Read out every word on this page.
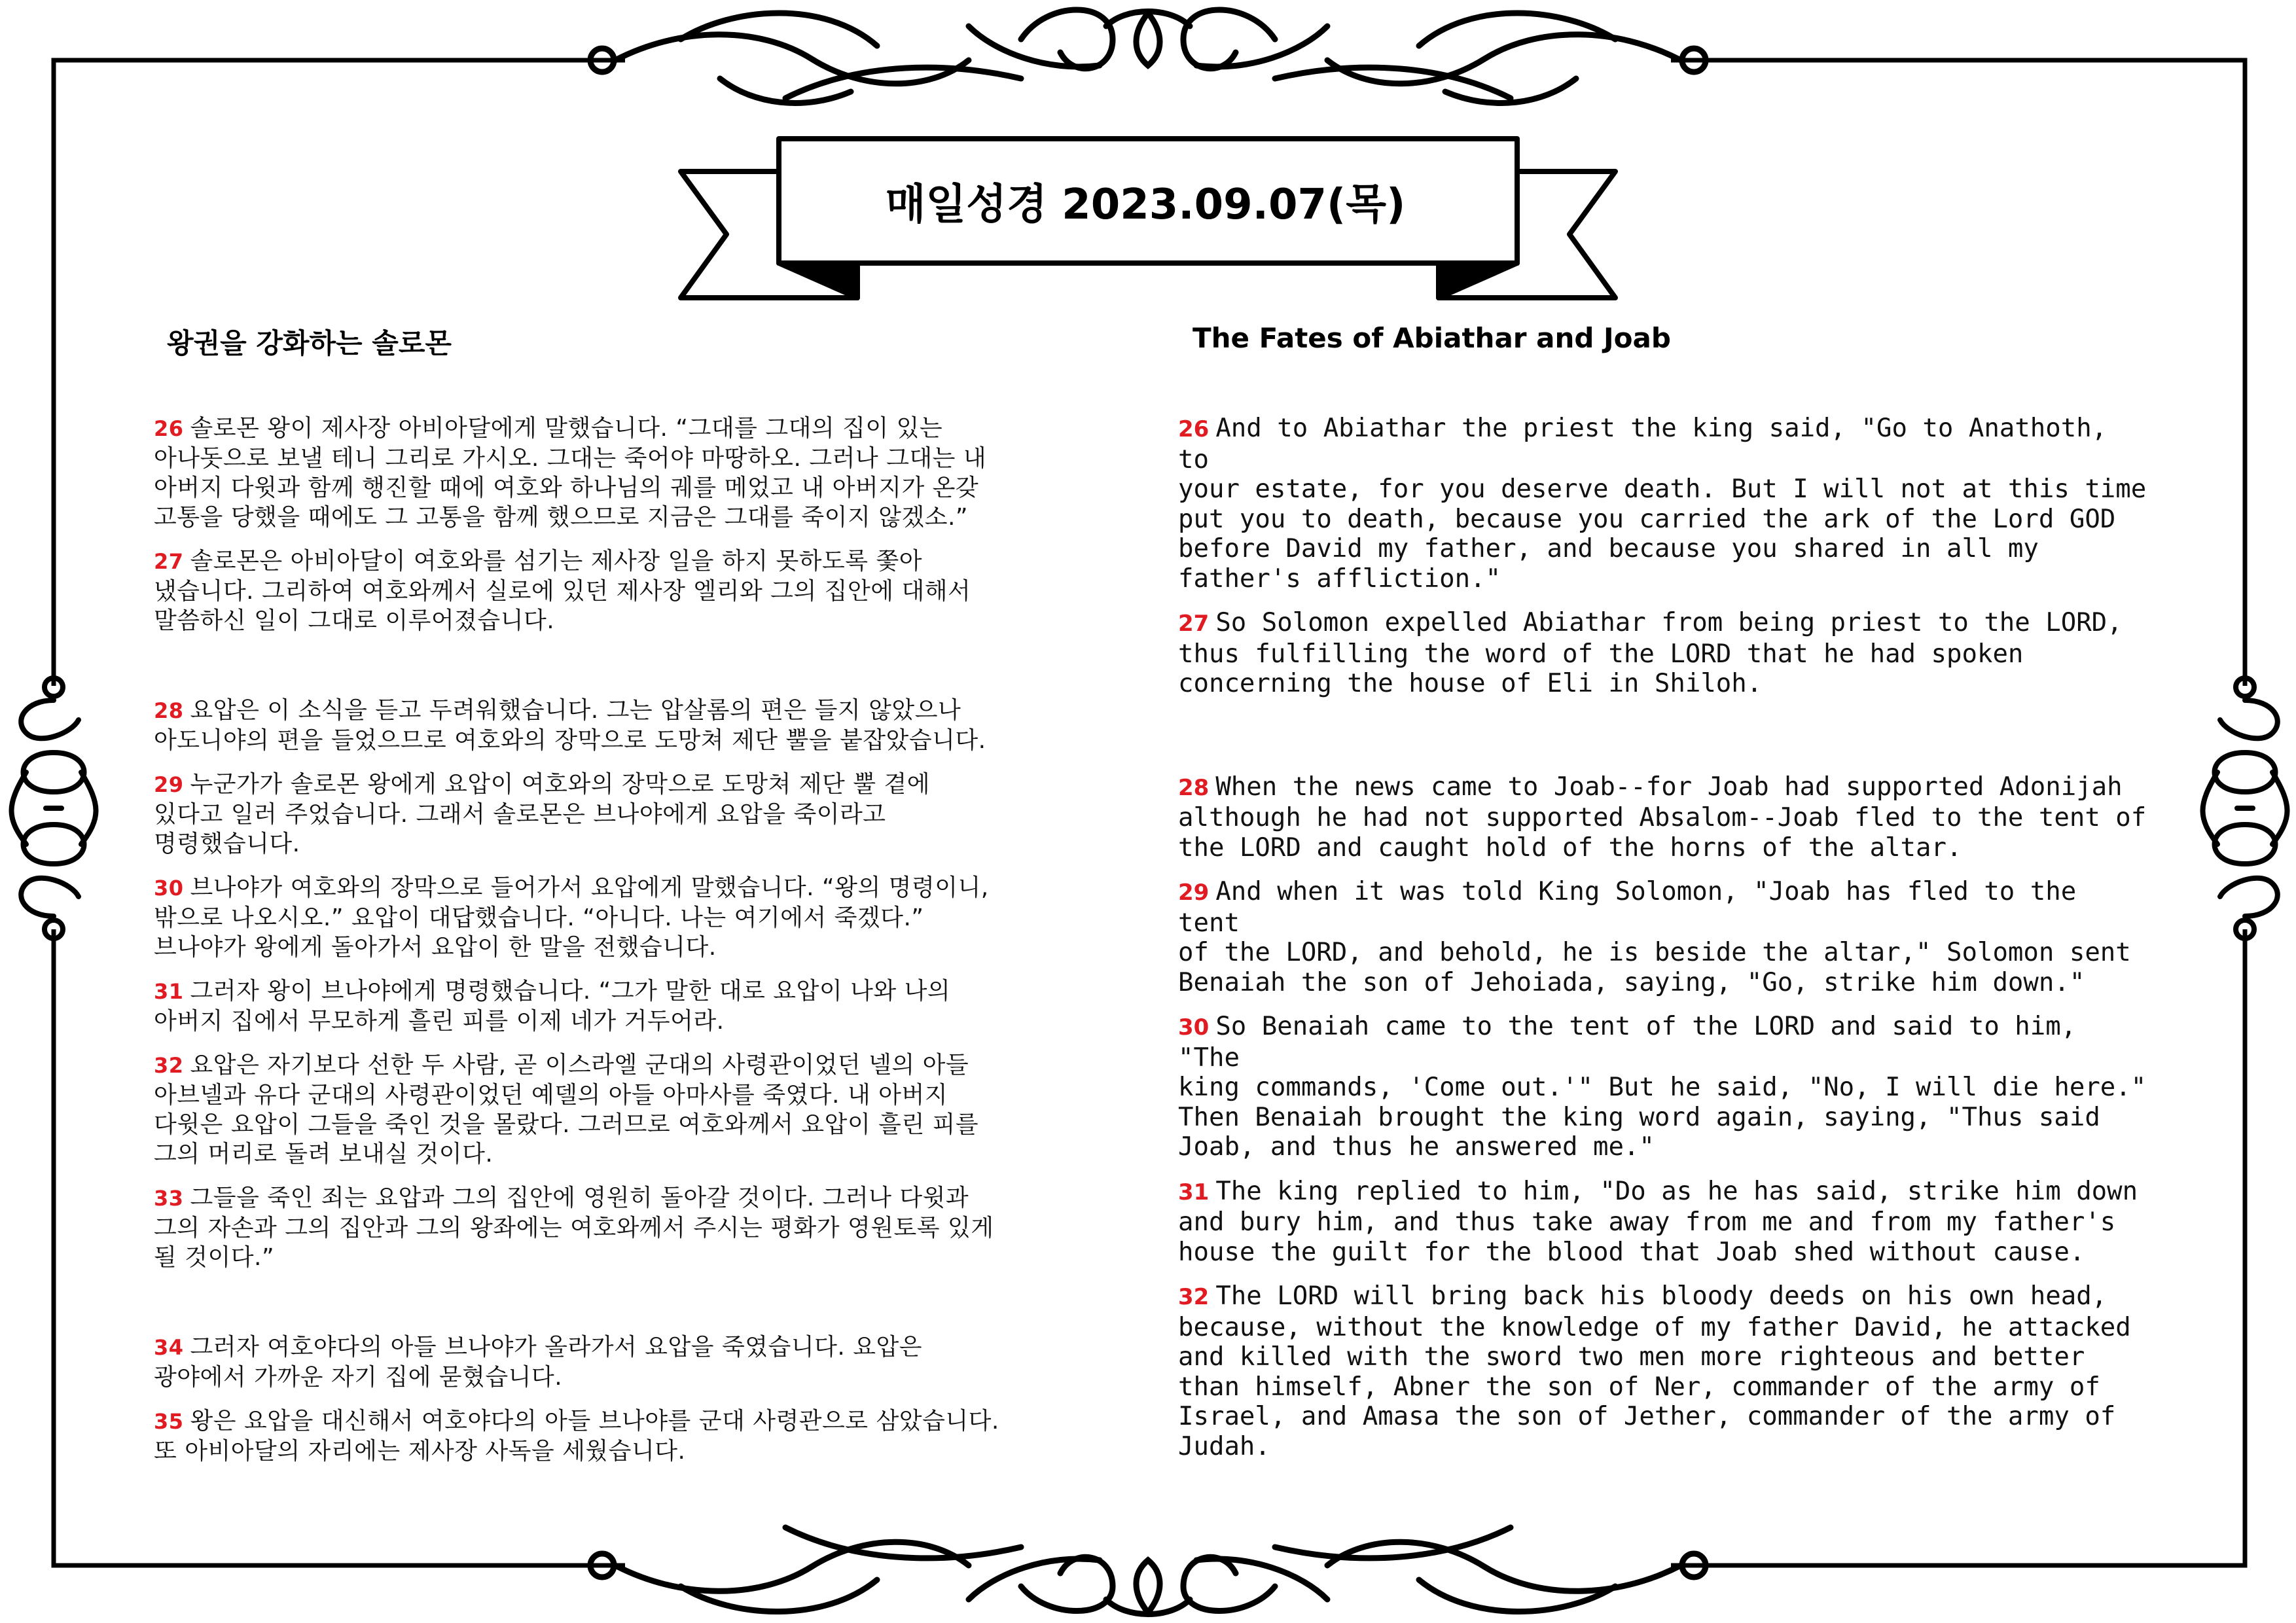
매일성경 2023.09.07(목)
왕권을 강화하는 솔로몬	The Fates of Abiathar and Joab

26 솔로몬 왕이 제사장 아비아달에게 말했습니다. “그대를 그대의 집이 있는
아나돗으로 보낼 테니 그리로 가시오. 그대는 죽어야 마땅하오. 그러나 그대는 내
아버지 다윗과 함께 행진할 때에 여호와 하나님의 궤를 메었고 내 아버지가 온갖
고통을 당했을 때에도 그 고통을 함께 했으므로 지금은 그대를 죽이지 않겠소.”

27 솔로몬은 아비아달이 여호와를 섬기는 제사장 일을 하지 못하도록 쫓아
냈습니다. 그리하여 여호와께서 실로에 있던 제사장 엘리와 그의 집안에 대해서
말씀하신 일이 그대로 이루어졌습니다.

28 요압은 이 소식을 듣고 두려워했습니다. 그는 압살롬의 편은 들지 않았으나
아도니야의 편을 들었으므로 여호와의 장막으로 도망쳐 제단 뿔을 붙잡았습니다.

29 누군가가 솔로몬 왕에게 요압이 여호와의 장막으로 도망쳐 제단 뿔 곁에
있다고 일러 주었습니다. 그래서 솔로몬은 브나야에게 요압을 죽이라고
명령했습니다.

30 브나야가 여호와의 장막으로 들어가서 요압에게 말했습니다. “왕의 명령이니,
밖으로 나오시오.” 요압이 대답했습니다. “아니다. 나는 여기에서 죽겠다.”
브나야가 왕에게 돌아가서 요압이 한 말을 전했습니다.

31 그러자 왕이 브나야에게 명령했습니다. “그가 말한 대로 요압이 나와 나의
아버지 집에서 무모하게 흘린 피를 이제 네가 거두어라.

32 요압은 자기보다 선한 두 사람, 곧 이스라엘 군대의 사령관이었던 넬의 아들
아브넬과 유다 군대의 사령관이었던 예델의 아들 아마사를 죽였다. 내 아버지
다윗은 요압이 그들을 죽인 것을 몰랐다. 그러므로 여호와께서 요압이 흘린 피를
그의 머리로 돌려 보내실 것이다.

33 그들을 죽인 죄는 요압과 그의 집안에 영원히 돌아갈 것이다. 그러나 다윗과
그의 자손과 그의 집안과 그의 왕좌에는 여호와께서 주시는 평화가 영원토록 있게
될 것이다.”

34 그러자 여호야다의 아들 브나야가 올라가서 요압을 죽였습니다. 요압은
광야에서 가까운 자기 집에 묻혔습니다.

35 왕은 요압을 대신해서 여호야다의 아들 브나야를 군대 사령관으로 삼았습니다.
또 아비아달의 자리에는 제사장 사독을 세웠습니다.

26 And to Abiathar the priest the king said, "Go to Anathoth, to
your estate, for you deserve death. But I will not at this time
put you to death, because you carried the ark of the Lord GOD
before David my father, and because you shared in all my
father's affliction."

27 So Solomon expelled Abiathar from being priest to the LORD,
thus fulfilling the word of the LORD that he had spoken
concerning the house of Eli in Shiloh.

28 When the news came to Joab--for Joab had supported Adonijah
although he had not supported Absalom--Joab fled to the tent of
the LORD and caught hold of the horns of the altar.

29 And when it was told King Solomon, "Joab has fled to the tent
of the LORD, and behold, he is beside the altar," Solomon sent
Benaiah the son of Jehoiada, saying, "Go, strike him down."

30 So Benaiah came to the tent of the LORD and said to him, "The
king commands, 'Come out.'" But he said, "No, I will die here."
Then Benaiah brought the king word again, saying, "Thus said
Joab, and thus he answered me."

31 The king replied to him, "Do as he has said, strike him down
and bury him, and thus take away from me and from my father's
house the guilt for the blood that Joab shed without cause.

32 The LORD will bring back his bloody deeds on his own head,
because, without the knowledge of my father David, he attacked
and killed with the sword two men more righteous and better
than himself, Abner the son of Ner, commander of the army of
Israel, and Amasa the son of Jether, commander of the army of
Judah.
